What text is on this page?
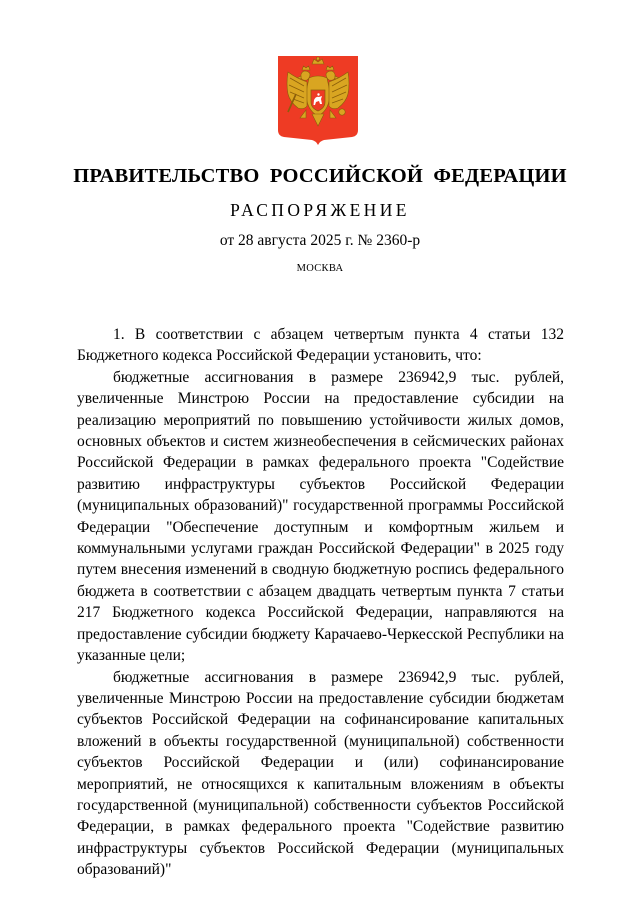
ПРАВИТЕЛЬСТВО РОССИЙСКОЙ ФЕДЕРАЦИИ
РАСПОРЯЖЕНИЕ
от 28 августа 2025 г. № 2360-р
МОСКВА

1. В соответствии с абзацем четвертым пункта 4 статьи 132 Бюджетного кодекса Российской Федерации установить, что:

бюджетные ассигнования в размере 236942,9 тыс. рублей, увеличенные Минстрою России на предоставление субсидии на реализацию мероприятий по повышению устойчивости жилых домов, основных объектов и систем жизнеобеспечения в сейсмических районах Российской Федерации в рамках федерального проекта "Содействие развитию инфраструктуры субъектов Российской Федерации (муниципальных образований)" государственной программы Российской Федерации "Обеспечение доступным и комфортным жильем и коммунальными услугами граждан Российской Федерации" в 2025 году путем внесения изменений в сводную бюджетную роспись федерального бюджета в соответствии с абзацем двадцать четвертым пункта 7 статьи 217 Бюджетного кодекса Российской Федерации, направляются на предоставление субсидии бюджету Карачаево-Черкесской Республики на указанные цели;

бюджетные ассигнования в размере 236942,9 тыс. рублей, увеличенные Минстрою России на предоставление субсидии бюджетам субъектов Российской Федерации на софинансирование капитальных вложений в объекты государственной (муниципальной) собственности субъектов Российской Федерации и (или) софинансирование мероприятий, не относящихся к капитальным вложениям в объекты государственной (муниципальной) собственности субъектов Российской Федерации, в рамках федерального проекта "Содействие развитию инфраструктуры субъектов Российской Федерации (муниципальных образований)"
